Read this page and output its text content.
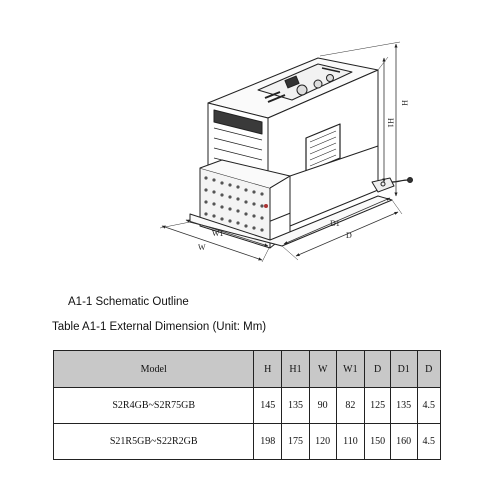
H1
H
W1
W
D1
D
A1-1 Schematic Outline
Table A1-1 External Dimension (Unit: Mm)
Model	H	H1	W	W1	D	D1	D
S2R4GB~S2R75GB	145	135	90	82	125	135	4.5
S21R5GB~S22R2GB	198	175	120	110	150	160	4.5
